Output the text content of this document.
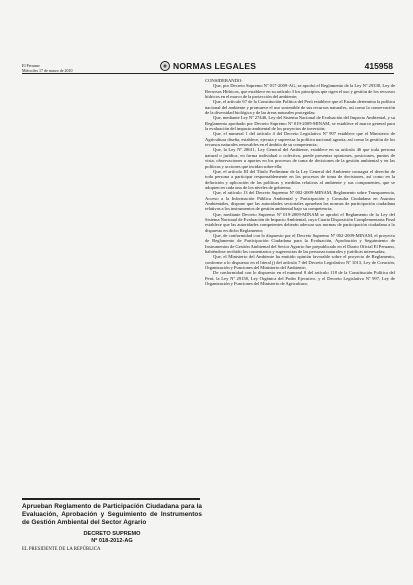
El Peruano
Miércoles 17 de marzo de 2010	NORMAS LEGALES	415958

CONSIDERANDO:

Que, por Decreto Supremo Nº 017-2009-AG, se aprobó el Reglamento de la Ley Nº 29338, Ley de Recursos Hídricos, que establece en su artículo 3 los principios que rigen el uso y gestión de los recursos hídricos en el marco de la protección del ambiente;

Que, el artículo 67 de la Constitución Política del Perú establece que el Estado determina la política nacional del ambiente y promueve el uso sostenible de sus recursos naturales, así como la conservación de la diversidad biológica y de las áreas naturales protegidas;

Que, mediante Ley Nº 27446, Ley del Sistema Nacional de Evaluación del Impacto Ambiental, y su Reglamento aprobado por Decreto Supremo Nº 019-2009-MINAM, se establece el marco general para la evaluación del impacto ambiental de los proyectos de inversión;

Que, el numeral 1 del artículo 4 del Decreto Legislativo Nº 997 establece que el Ministerio de Agricultura diseña, establece, ejecuta y supervisa la política nacional agraria, así como la gestión de los recursos naturales renovables en el ámbito de su competencia;

Que, la Ley Nº 28611, Ley General del Ambiente, establece en su artículo 46 que toda persona natural o jurídica, en forma individual o colectiva, puede presentar opiniones, posiciones, puntos de vista, observaciones u aportes en los procesos de toma de decisiones de la gestión ambiental y en las políticas y acciones que incidan sobre ella;

Que, el artículo III del Título Preliminar de la Ley General del Ambiente consagra el derecho de toda persona a participar responsablemente en los procesos de toma de decisiones, así como en la definición y aplicación de las políticas y medidas relativas al ambiente y sus componentes, que se adopten en cada uno de los niveles de gobierno;

Que, el artículo 13 del Decreto Supremo Nº 002-2009-MINAM, Reglamento sobre Transparencia, Acceso a la Información Pública Ambiental y Participación y Consulta Ciudadana en Asuntos Ambientales, dispone que las autoridades sectoriales aprueban las normas de participación ciudadana relativas a los instrumentos de gestión ambiental bajo su competencia;

Que, mediante Decreto Supremo Nº 019-2009-MINAM se aprobó el Reglamento de la Ley del Sistema Nacional de Evaluación de Impacto Ambiental, cuya Cuarta Disposición Complementaria Final establece que las autoridades competentes deberán adecuar sus normas de participación ciudadana a lo dispuesto en dicho Reglamento;

Que, de conformidad con lo dispuesto por el Decreto Supremo Nº 002-2009-MINAM, el proyecto de Reglamento de Participación Ciudadana para la Evaluación, Aprobación y Seguimiento de Instrumentos de Gestión Ambiental del Sector Agrario fue prepublicado en el Diario Oficial El Peruano, habiéndose recibido los comentarios y sugerencias de las personas naturales y jurídicas interesadas;

Que, el Ministerio del Ambiente ha emitido opinión favorable sobre el proyecto de Reglamento, conforme a lo dispuesto en el literal j) del artículo 7 del Decreto Legislativo Nº 1013, Ley de Creación, Organización y Funciones del Ministerio del Ambiente;

De conformidad con lo dispuesto en el numeral 8 del artículo 118 de la Constitución Política del Perú, la Ley Nº 29158, Ley Orgánica del Poder Ejecutivo, y el Decreto Legislativo Nº 997, Ley de Organización y Funciones del Ministerio de Agricultura;

Aprueban Reglamento de Participación Ciudadana para la Evaluación, Aprobación y Seguimiento de Instrumentos de Gestión Ambiental del Sector Agrario
DECRETO SUPREMO
Nº 018-2012-AG
EL PRESIDENTE DE LA REPÚBLICA
